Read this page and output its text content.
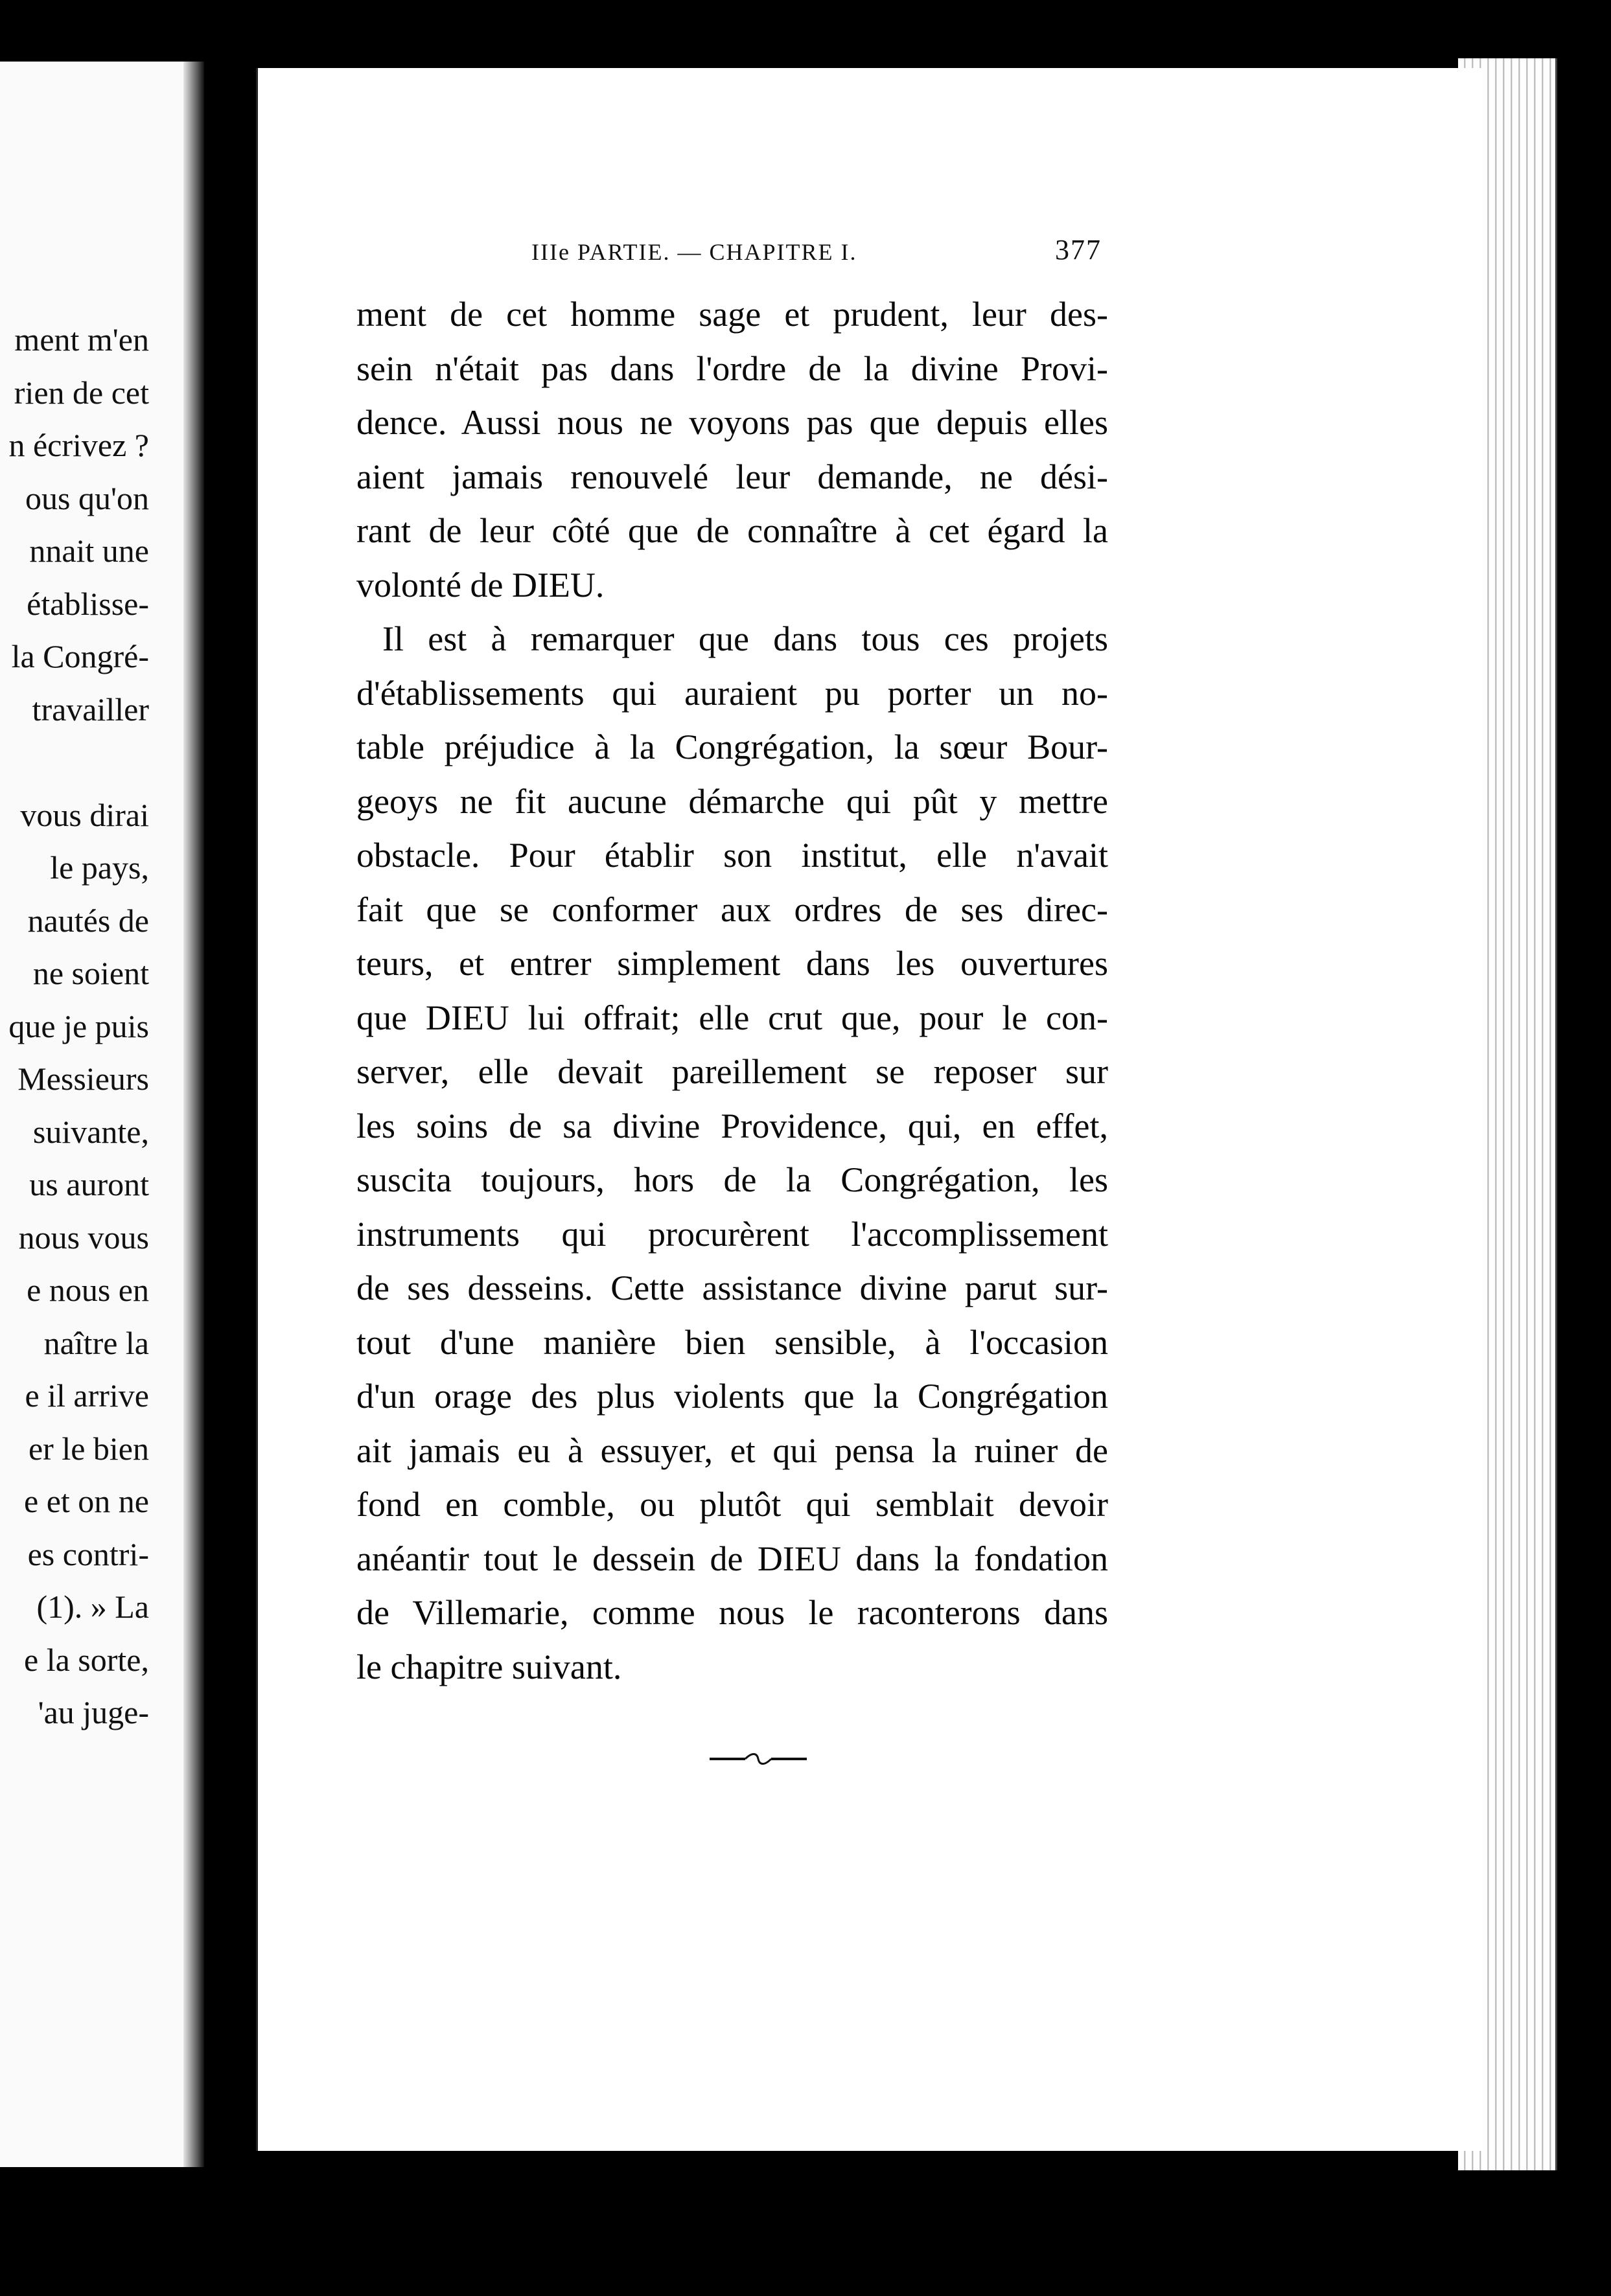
ment m'en
rien de cet
n écrivez ?
ous qu'on
nnait une
établisse-
la Congré-
travailler
vous dirai
le pays,
nautés de
ne soient
que je puis
Messieurs
suivante,
us auront
nous vous
e nous en
naître la
e il arrive
er le bien
e et on ne
es contri-
(1). » La
e la sorte,
'au juge-
IIIe PARTIE. — CHAPITRE I.	377
ment de cet homme sage et prudent, leur des-
sein n'était pas dans l'ordre de la divine Provi-
dence. Aussi nous ne voyons pas que depuis elles
aient jamais renouvelé leur demande, ne dési-
rant de leur côté que de connaître à cet égard la
volonté de DIEU.
Il est à remarquer que dans tous ces projets
d'établissements qui auraient pu porter un no-
table préjudice à la Congrégation, la sœur Bour-
geoys ne fit aucune démarche qui pût y mettre
obstacle. Pour établir son institut, elle n'avait
fait que se conformer aux ordres de ses direc-
teurs, et entrer simplement dans les ouvertures
que DIEU lui offrait; elle crut que, pour le con-
server, elle devait pareillement se reposer sur
les soins de sa divine Providence, qui, en effet,
suscita toujours, hors de la Congrégation, les
instruments qui procurèrent l'accomplissement
de ses desseins. Cette assistance divine parut sur-
tout d'une manière bien sensible, à l'occasion
d'un orage des plus violents que la Congrégation
ait jamais eu à essuyer, et qui pensa la ruiner de
fond en comble, ou plutôt qui semblait devoir
anéantir tout le dessein de DIEU dans la fondation
de Villemarie, comme nous le raconterons dans
le chapitre suivant.
